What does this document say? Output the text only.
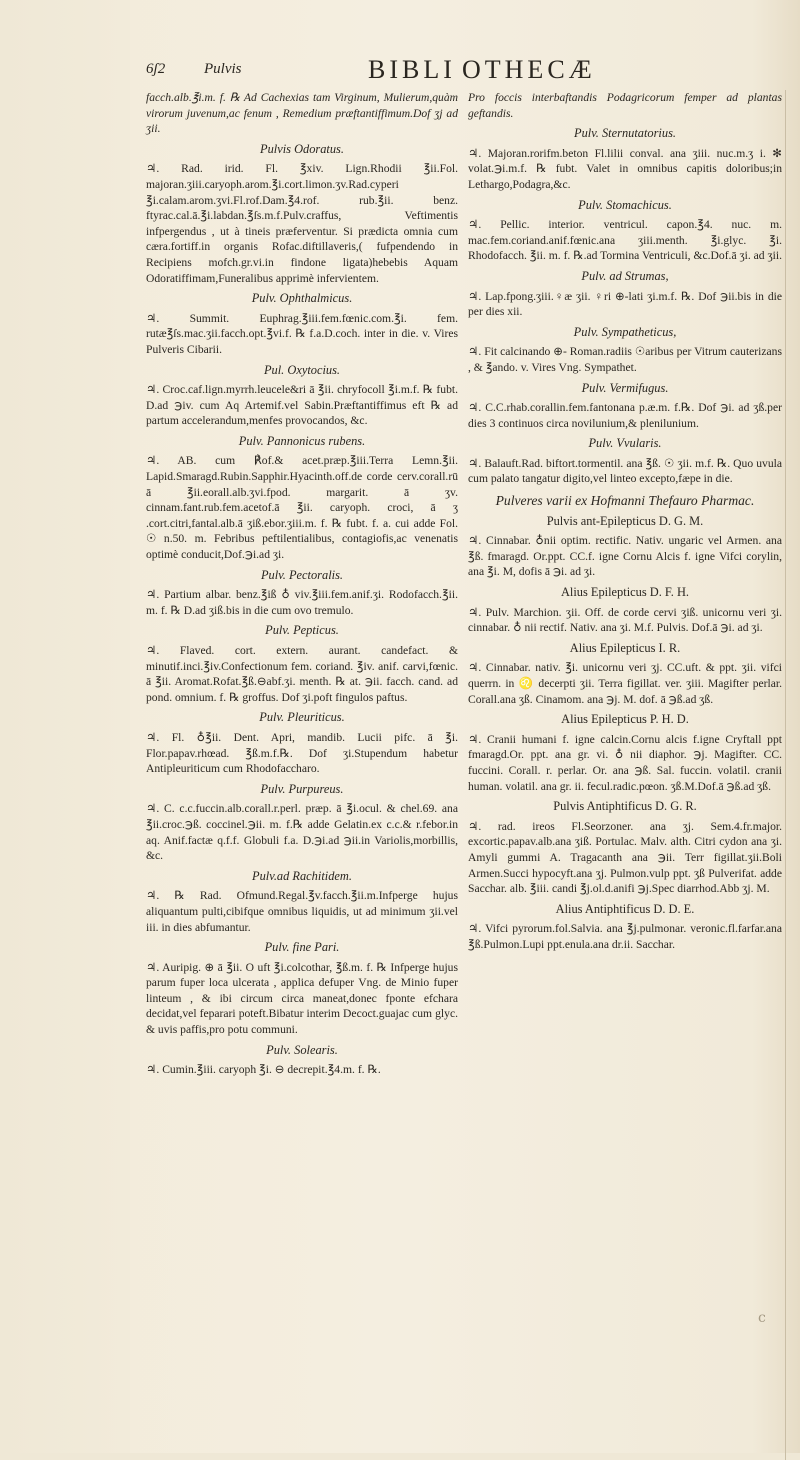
6ʃ2	Pulvis	BIBLI OTHECÆ

facch.alb.℥i.m. f. ℞ Ad Cachexias tam Virginum, Mulierum,quàm virorum juvenum,ac fenum , Remedium præftantiffimum.Dof ʒj ad ʒii.

Pulvis Odoratus.

♃. Rad. irid. Fl. ℥xiv. Lign.Rhodii ℥ii.Fol. majoran.ʒiii.caryoph.arom.℥i.cort.limon.ʒv.Rad.cyperi ℥i.calam.arom.ʒvi.Fl.rof.Dam.℥4.rof. rub.℥ii. benz. ftyrac.cal.ā.℥i.labdan.℥ſs.m.f.Pulv.craffus, Veftimentis infpergendus , ut à tineis præferventur. Si prædicta omnia cum cæra.fortiff.in organis Rofac.diftillaveris,( fufpendendo in Recipiens mofch.gr.vi.in findone ligata)hebebis Aquam Odoratiffimam,Funeralibus apprimè infervientem.

Pulv. Ophthalmicus.

♃. Summit. Euphrag.℥iii.fem.fœnic.com.℥i. fem. rutæ℥ſs.mac.ʒii.facch.opt.℥vi.f. ℞ f.a.D.coch. inter in die. v. Vires Pulveris Cibarii.

Pul. Oxytocius.

♃. Croc.caf.lign.myrrh.leucele&ri ā ℥ii. chryfocoll ℥i.m.f. ℞ fubt. D.ad ℈iv. cum Aq Artemif.vel Sabin.Præftantiffimus eft ℞ ad partum accelerandum,menfes provocandos, &c.

Pulv. Pannonicus rubens.

♃. AB. cum ℟of.& acet.præp.℥iii.Terra Lemn.℥ii. Lapid.Smaragd.Rubin.Sapphir.Hyacinth.off.de corde cerv.corall.rū ā ℥ii.eorall.alb.ʒvi.fpod. margarit. ā ʒv. cinnam.fant.rub.fem.acetof.ā ℥ii. caryoph. croci, ā ʒ .cort.citri,fantal.alb.ā ʒiß.ebor.ʒiii.m. f. ℞ fubt. f. a. cui adde Fol. ☉ n.50. m. Febribus peftilentialibus, contagiofis,ac venenatis optimè conducit,Dof.℈i.ad ʒi.

Pulv. Pectoralis.

♃. Partium albar. benz.℥iß ♁ viv.℥iii.fem.anif.ʒi. Rodofacch.℥ii. m. f. ℞ D.ad ʒiß.bis in die cum ovo tremulo.

Pulv. Pepticus.

♃. Flaved. cort. extern. aurant. candefact. & minutif.inci.℥iv.Confectionum fem. coriand. ℥iv. anif. carvi,fœnic. ā ℥ii. Aromat.Rofat.℥ß.⊖abf.ʒi. menth. ℞ at. ℈ii. facch. cand. ad pond. omnium. f. ℞ groffus. Dof ʒi.poft fingulos paftus.

Pulv. Pleuriticus.

♃. Fl. ♁℥ii. Dent. Apri, mandib. Lucii pifc. ā ℥i. Flor.papav.rhœad. ℥ß.m.f.℞. Dof ʒi.Stupendum habetur Antipleuriticum cum Rhodofaccharo.

Pulv. Purpureus.

♃. C. c.c.fuccin.alb.corall.r.perl. præp. ā ℥i.ocul. & chel.69. ana ℥ii.croc.℈ß. coccinel.℈ii. m. f.℞ adde Gelatin.ex c.c.& r.febor.in aq. Anif.factæ q.f.f. Globuli f.a. D.℈i.ad ℈ii.in Variolis,morbillis, &c.

Pulv.ad Rachitidem.

♃. ℞ Rad. Ofmund.Regal.℥v.facch.℥ii.m.Infperge hujus aliquantum pulti,cibifque omnibus liquidis, ut ad minimum ʒii.vel iii. in dies abfumantur.

Pulv. fine Pari.

♃. Auripig. ⊕ ā ℥ii. O uft ℥i.colcothar, ℥ß.m. f. ℞ Infperge hujus parum fuper loca ulcerata , applica defuper Vng. de Minio fuper linteum , & ibi circum circa maneat,donec fponte efchara decidat,vel feparari poteft.Bibatur interim Decoct.guajac cum glyc. & uvis paffis,pro potu communi.

Pulv. Solearis.

♃. Cumin.℥iii. caryoph ℥i. ⊖ decrepit.℥4.m. f. ℞.

Pro foccis interbaftandis Podagricorum femper ad plantas geftandis.

Pulv. Sternutatorius.

♃. Majoran.rorifm.beton Fl.lilii conval. ana ʒiii. nuc.m.ʒ i. ✻ volat.℈i.m.f. ℞ fubt. Valet in omnibus capitis doloribus;in Lethargo,Podagra,&c.

Pulv. Stomachicus.

♃. Pellic. interior. ventricul. capon.℥4. nuc. m. mac.fem.coriand.anif.fœnic.ana ʒiii.menth. ℥i.glyc. ℥i. Rhodofacch. ℥ii. m. f. ℞.ad Tormina Ventriculi, &c.Dof.ā ʒi. ad ʒii.

Pulv. ad Strumas,

♃. Lap.fpong.ʒiii.♀æ ʒii. ♀ri ⊕-lati ʒi.m.f. ℞. Dof ℈ii.bis in die per dies xii.

Pulv. Sympatheticus,

♃. Fit calcinando ⊕- Roman.radiis ☉aribus per Vitrum cauterizans , & ℥ando. v. Vires Vng. Sympathet.

Pulv. Vermifugus.

♃. C.C.rhab.corallin.fem.fantonana p.æ.m. f.℞. Dof ℈i. ad ʒß.per dies 3 continuos circa novilunium,& plenilunium.

Pulv. Vvularis.

♃. Balauft.Rad. biftort.tormentil. ana ℥ß. ☉ ʒii. m.f. ℞. Quo uvula cum palato tangatur digito,vel linteo excepto,fæpe in die.

Pulveres varii ex Hofmanni Thefauro Pharmac.
Pulvis ant-Epilepticus D. G. M.

♃. Cinnabar. ♁nii optim. rectific. Nativ. ungaric vel Armen. ana ℥ß. fmaragd. Or.ppt. CC.f. igne Cornu Alcis f. igne Vifci corylin, ana ℥i. M, dofis ā ℈i. ad ʒi.

Alius Epilepticus D. F. H.

♃. Pulv. Marchion. ʒii. Off. de corde cervi ʒiß. unicornu veri ʒi. cinnabar. ♁ nii rectif. Nativ. ana ʒi. M.f. Pulvis. Dof.ā ℈i. ad ʒi.

Alius Epilepticus I. R.

♃. Cinnabar. nativ. ℥i. unicornu veri ʒj. CC.uft. & ppt. ʒii. vifci querrn. in ♌ decerpti ʒii. Terra figillat. ver. ʒiii. Magifter perlar. Corall.ana ʒß. Cinamom. ana ℈j. M. dof. ā ℈ß.ad ʒß.

Alius Epilepticus P. H. D.

♃. Cranii humani f. igne calcin.Cornu alcis f.igne Cryftall ppt fmaragd.Or. ppt. ana gr. vi. ♁ nii diaphor. ℈j. Magifter. CC. fuccini. Corall. r. perlar. Or. ana ℈ß. Sal. fuccin. volatil. cranii human. volatil. ana gr. ii. fecul.radic.pœon. ʒß.M.Dof.ā ℈ß.ad ʒß.

Pulvis Antiphtificus D. G. R.

♃. rad. ireos Fl.Seorzoner. ana ʒj. Sem.4.fr.major. excortic.papav.alb.ana ʒiß. Portulac. Malv. alth. Citri cydon ana ʒi. Amyli gummi A. Tragacanth ana ℈ii. Terr figillat.ʒii.Boli Armen.Succi hypocyft.ana ʒj. Pulmon.vulp ppt. ʒß Pulverifat. adde Sacchar. alb. ℥iii. candi ℥j.ol.d.anifi ℈j.Spec diarrhod.Abb ʒj. M.

Alius Antiphtificus D. D. E.

♃. Vifci pyrorum.fol.Salvia. ana ℥j.pulmonar. veronic.fl.farfar.ana ℥ß.Pulmon.Lupi ppt.enula.ana dr.ii. Sacchar.

c
